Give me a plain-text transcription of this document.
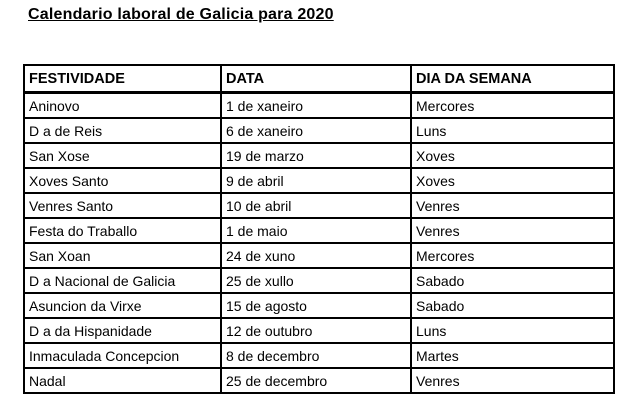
Calendario laboral de Galicia para 2020
FESTIVIDADE	DATA	DIA DA SEMANA
Aninovo	1 de xaneiro	Mercores
D a de Reis	6 de xaneiro	Luns
San Xose	19 de marzo	Xoves
Xoves Santo	9 de abril	Xoves
Venres Santo	10 de abril	Venres
Festa do Traballo	1 de maio	Venres
San Xoan	24 de xuno	Mercores
D a Nacional de Galicia	25 de xullo	Sabado
Asuncion da Virxe	15 de agosto	Sabado
D a da Hispanidade	12 de outubro	Luns
Inmaculada Concepcion	8 de decembro	Martes
Nadal	25 de decembro	Venres
